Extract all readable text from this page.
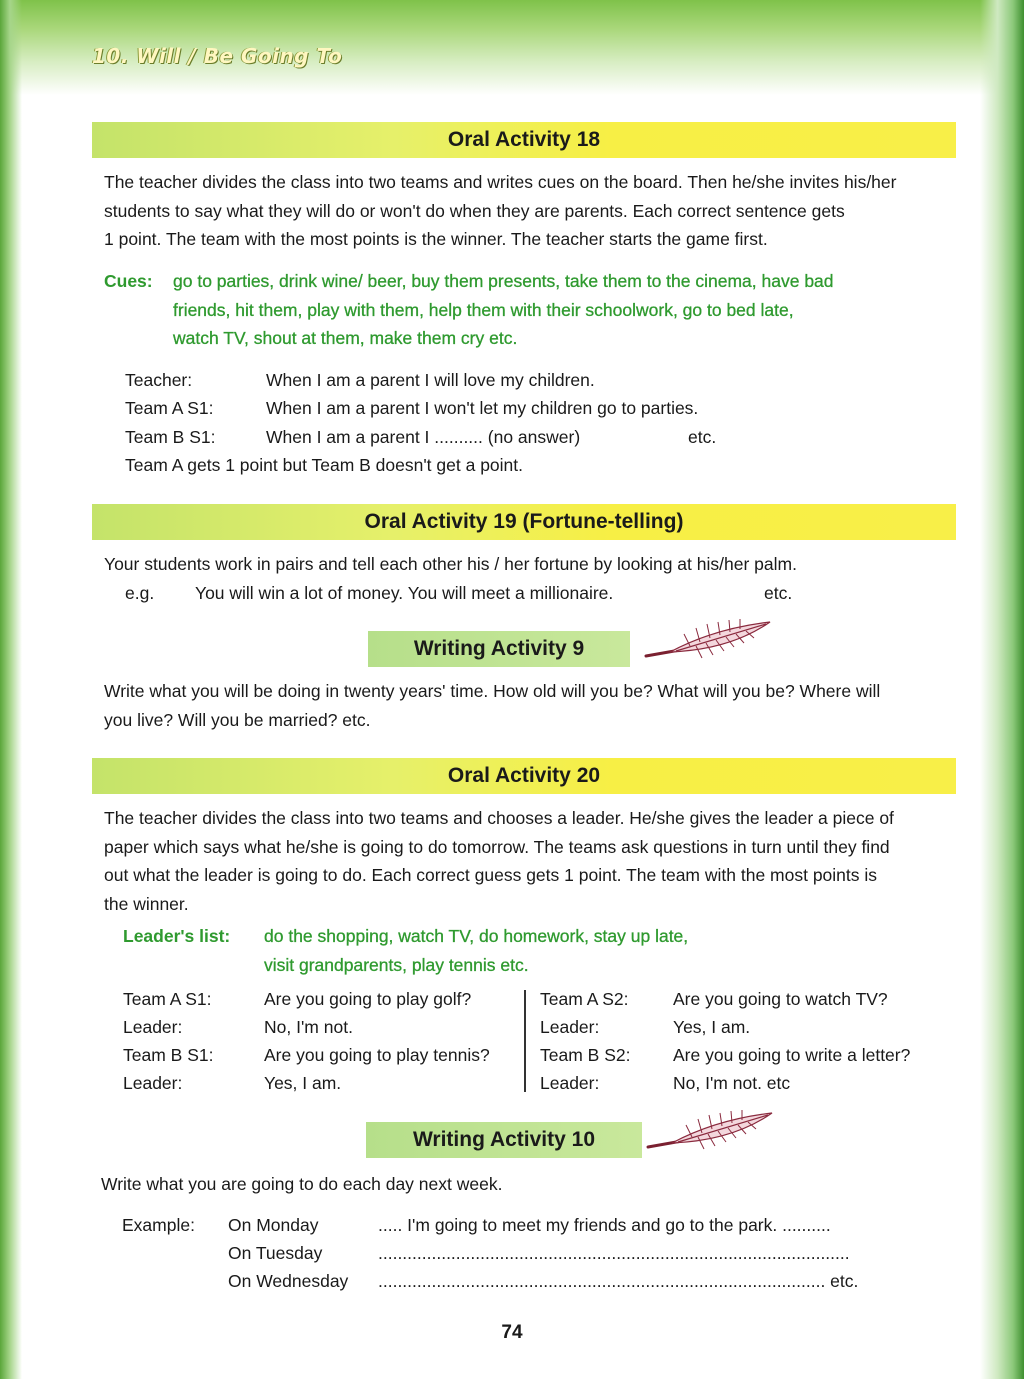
10. Will / Be Going To
Oral Activity 18
The teacher divides the class into two teams and writes cues on the board. Then he/she invites his/her
students to say what they will do or won't do when they are parents. Each correct sentence gets
1 point. The team with the most points is the winner. The teacher starts the game first.
Cues: go to parties, drink wine/ beer, buy them presents, take them to the cinema, have bad
friends, hit them, play with them, help them with their schoolwork, go to bed late,
watch TV, shout at them, make them cry etc.
Teacher:	When I am a parent I will love my children.
Team A S1:	When I am a parent I won't let my children go to parties.
Team B S1:	When I am a parent I .......... (no answer)	etc.
Team A gets 1 point but Team B doesn't get a point.
Oral Activity 19 (Fortune-telling)
Your students work in pairs and tell each other his / her fortune by looking at his/her palm.
e.g. You will win a lot of money. You will meet a millionaire.	etc.
Writing Activity 9
Write what you will be doing in twenty years' time. How old will you be? What will you be? Where will
you live? Will you be married? etc.
Oral Activity 20
The teacher divides the class into two teams and chooses a leader. He/she gives the leader a piece of
paper which says what he/she is going to do tomorrow. The teams ask questions in turn until they find
out what the leader is going to do. Each correct guess gets 1 point. The team with the most points is
the winner.
Leader's list: do the shopping, watch TV, do homework, stay up late,
visit grandparents, play tennis etc.
Team A S1:	Are you going to play golf?
Leader:	No, I'm not.
Team B S1:	Are you going to play tennis?
Leader:	Yes, I am.
Team A S2:	Are you going to watch TV?
Leader:	Yes, I am.
Team B S2: Are you going to write a letter?
Leader:	No, I'm not. etc
Writing Activity 10
Write what you are going to do each day next week.
Example: On Monday	..... I'm going to meet my friends and go to the park. ..........
On Tuesday	.................................................................................................
On Wednesday ............................................................................................ etc.
74
